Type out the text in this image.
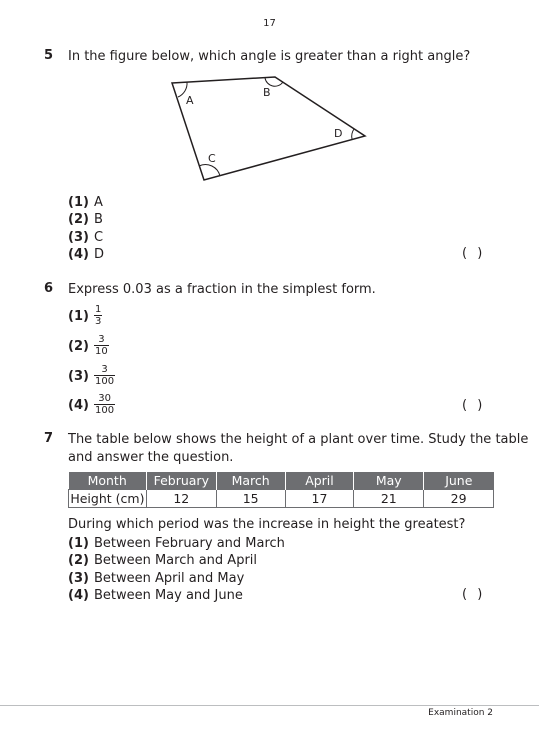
17
5 In the figure below, which angle is greater than a right angle?
A
B
D
C
(1) A
(2) B
(3) C
(4) D	( )
6 Express 0.03 as a fraction in the simplest form.
$(1) \frac{1}{3}$
$(2) \frac{3}{10}$
$(3) \frac{3}{100}$
$(4) \frac{30}{100}$	( )
7 The table below shows the height of a plant over time. Study the table
and answer the question.
Month	February	March	April	May	June
Height (cm)	12	15	17	21	29
During which period was the increase in height the greatest?
(1) Between February and March
(2) Between March and April
(3) Between April and May
(4) Between May and June	( )
Examination 2
